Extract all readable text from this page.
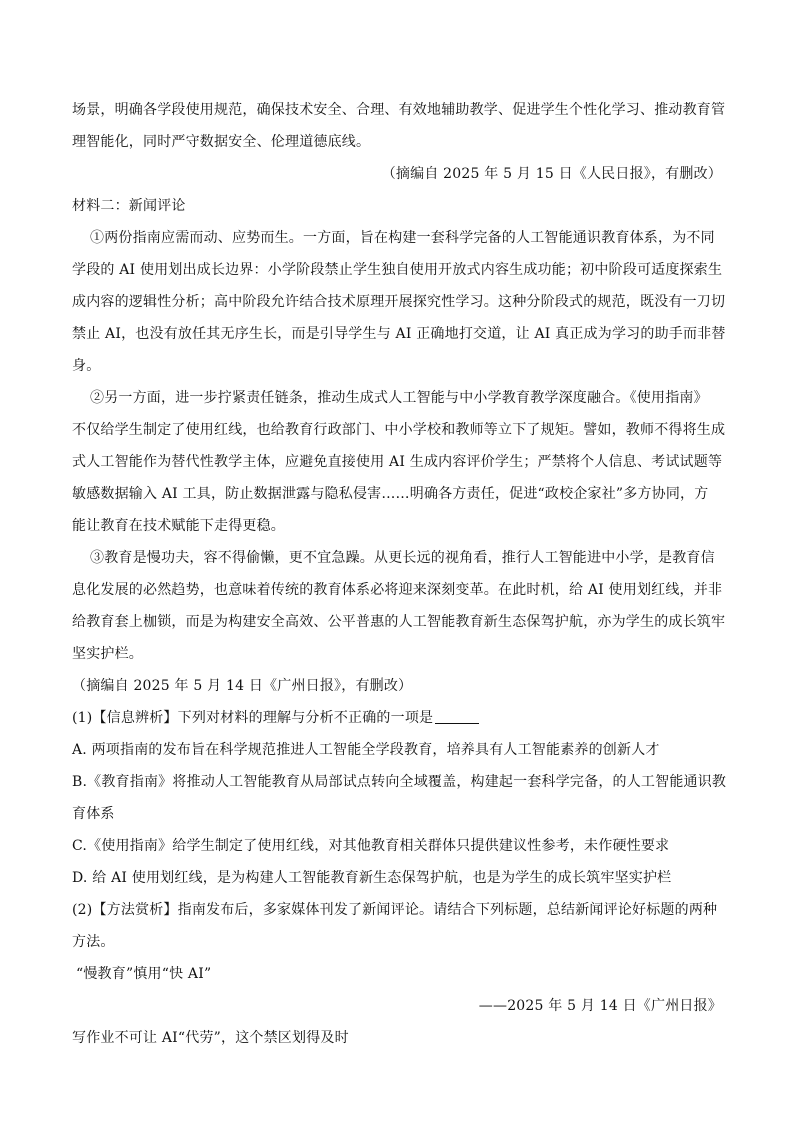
场景，明确各学段使用规范，确保技术安全、合理、有效地辅助教学、促进学生个性化学习、推动教育管
理智能化，同时严守数据安全、伦理道德底线。
（摘编自 2025 年 5 月 15 日《人民日报》，有删改）
材料二：新闻评论
①两份指南应需而动、应势而生。一方面，旨在构建一套科学完备的人工智能通识教育体系，为不同
学段的 AI 使用划出成长边界：小学阶段禁止学生独自使用开放式内容生成功能；初中阶段可适度探索生
成内容的逻辑性分析；高中阶段允许结合技术原理开展探究性学习。这种分阶段式的规范，既没有一刀切
禁止 AI，也没有放任其无序生长，而是引导学生与 AI 正确地打交道，让 AI 真正成为学习的助手而非替
身。
②另一方面，进一步拧紧责任链条，推动生成式人工智能与中小学教育教学深度融合。《使用指南》
不仅给学生制定了使用红线，也给教育行政部门、中小学校和教师等立下了规矩。譬如，教师不得将生成
式人工智能作为替代性教学主体，应避免直接使用 AI 生成内容评价学生；严禁将个人信息、考试试题等
敏感数据输入 AI 工具，防止数据泄露与隐私侵害……明确各方责任，促进“政校企家社”多方协同，方
能让教育在技术赋能下走得更稳。
③教育是慢功夫，容不得偷懒，更不宜急躁。从更长远的视角看，推行人工智能进中小学，是教育信
息化发展的必然趋势，也意味着传统的教育体系必将迎来深刻变革。在此时机，给 AI 使用划红线，并非
给教育套上枷锁，而是为构建安全高效、公平普惠的人工智能教育新生态保驾护航，亦为学生的成长筑牢
坚实护栏。
（摘编自 2025 年 5 月 14 日《广州日报》，有删改）
(1)【信息辨析】下列对材料的理解与分析不正确的一项是
A. 两项指南的发布旨在科学规范推进人工智能全学段教育，培养具有人工智能素养的创新人才
B.《教育指南》将推动人工智能教育从局部试点转向全域覆盖，构建起一套科学完备，的人工智能通识教
育体系
C.《使用指南》给学生制定了使用红线，对其他教育相关群体只提供建议性参考，未作硬性要求
D. 给 AI 使用划红线，是为构建人工智能教育新生态保驾护航，也是为学生的成长筑牢坚实护栏
(2)【方法赏析】指南发布后，多家媒体刊发了新闻评论。请结合下列标题，总结新闻评论好标题的两种
方法。
“慢教育”慎用“快 AI”
——2025 年 5 月 14 日《广州日报》
写作业不可让 AI“代劳”，这个禁区划得及时
